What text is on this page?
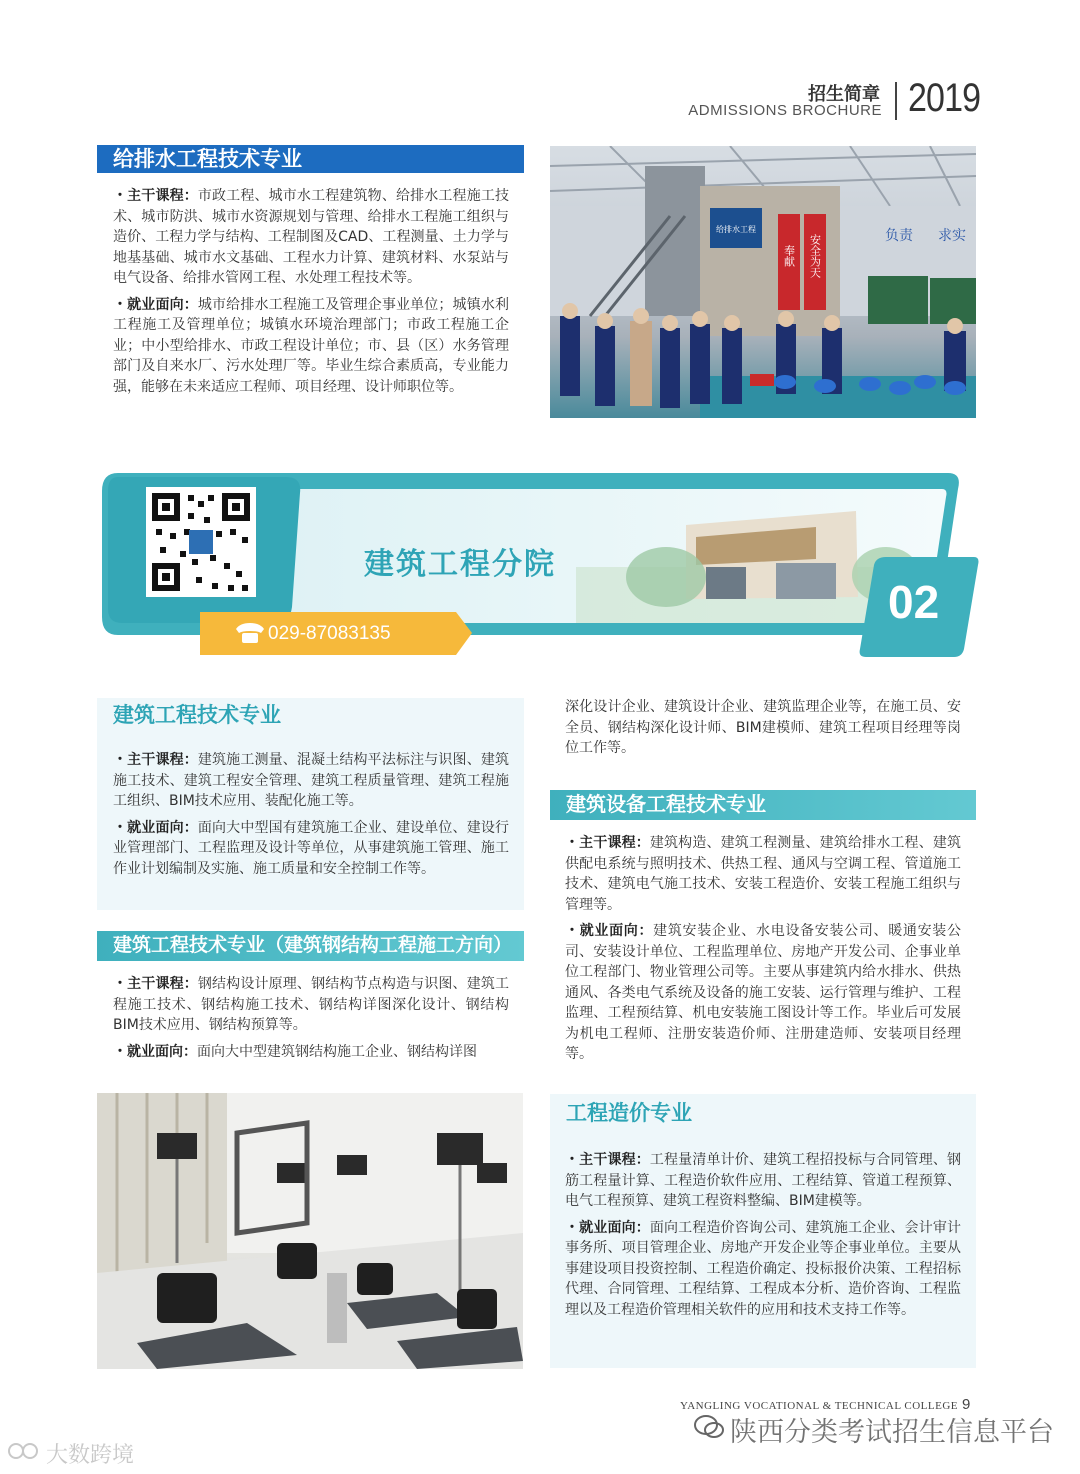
招生简章
ADMISSIONS BROCHURE 2019
给排水工程技术专业

・主干课程：市政工程、城市水工程建筑物、给排水工程施工技术、城市防洪、城市水资源规划与管理、给排水工程施工组织与造价、工程力学与结构、工程制图及CAD、工程测量、土力学与地基基础、城市水文基础、工程水力计算、建筑材料、水泵站与电气设备、给排水管网工程、水处理工程技术等。

・就业面向：城市给排水工程施工及管理企事业单位；城镇水利工程施工及管理单位；城镇水环境治理部门；市政工程施工企业；中小型给排水、市政工程设计单位；市、县（区）水务管理部门及自来水厂、污水处理厂等。毕业生综合素质高，专业能力强，能够在未来适应工程师、项目经理、设计师职位等。

奉献 安全为天
给排水工程	负责 求实
建筑工程分院
029-87083135
02
建筑工程技术专业

・主干课程：建筑施工测量、混凝土结构平法标注与识图、建筑施工技术、建筑工程安全管理、建筑工程质量管理、建筑工程施工组织、BIM技术应用、装配化施工等。

・就业面向：面向大中型国有建筑施工企业、建设单位、建设行业管理部门、工程监理及设计等单位，从事建筑施工管理、施工作业计划编制及实施、施工质量和安全控制工作等。

建筑工程技术专业（建筑钢结构工程施工方向）

・主干课程：钢结构设计原理、钢结构节点构造与识图、建筑工程施工技术、钢结构施工技术、钢结构详图深化设计、钢结构BIM技术应用、钢结构预算等。

・就业面向：面向大中型建筑钢结构施工企业、钢结构详图

深化设计企业、建筑设计企业、建筑监理企业等，在施工员、安全员、钢结构深化设计师、BIM建模师、建筑工程项目经理等岗位工作等。

建筑设备工程技术专业

・主干课程：建筑构造、建筑工程测量、建筑给排水工程、建筑供配电系统与照明技术、供热工程、通风与空调工程、管道施工技术、建筑电气施工技术、安装工程造价、安装工程施工组织与管理等。

・就业面向：建筑安装企业、水电设备安装公司、暖通安装公司、安装设计单位、工程监理单位、房地产开发公司、企事业单位工程部门、物业管理公司等。主要从事建筑内给水排水、供热通风、各类电气系统及设备的施工安装、运行管理与维护、工程监理、工程预结算、机电安装施工图设计等工作。毕业后可发展为机电工程师、注册安装造价师、注册建造师、安装项目经理等。

工程造价专业

・主干课程：工程量清单计价、建筑工程招投标与合同管理、钢筋工程量计算、工程造价软件应用、工程结算、管道工程预算、电气工程预算、建筑工程资料整编、BIM建模等。

・就业面向：面向工程造价咨询公司、建筑施工企业、会计审计事务所、项目管理企业、房地产开发企业等企事业单位。主要从事建设项目投资控制、工程造价确定、投标报价决策、工程招标代理、合同管理、工程结算、工程成本分析、造价咨询、工程监理以及工程造价管理相关软件的应用和技术支持工作等。

YANGLING VOCATIONAL & TECHNICAL COLLEGE 9
陕西分类考试招生信息平台
大数跨境
